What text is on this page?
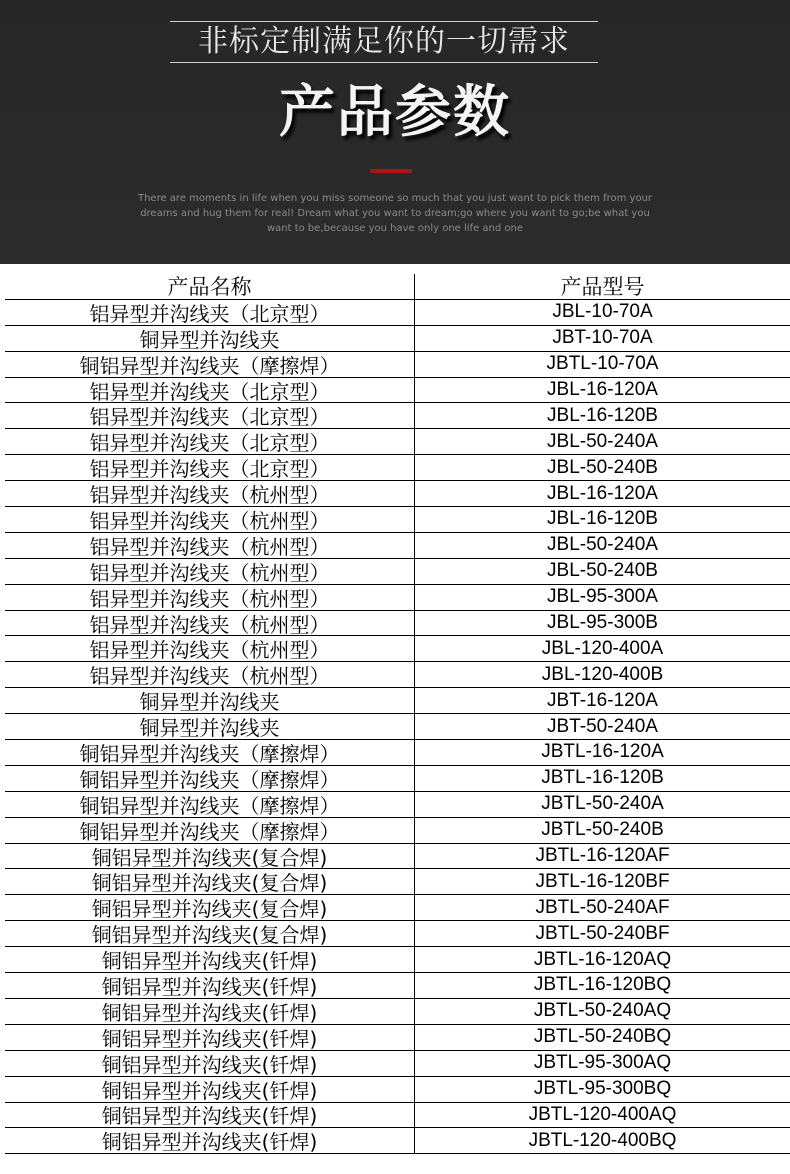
非标定制满足你的一切需求
产品参数
There are moments in life when you miss someone so much that you just want to pick them from your
dreams and hug them for real! Dream what you want to dream;go where you want to go;be what you
want to be,because you have only one life and one
产品名称	产品型号
铝异型并沟线夹（北京型）	JBL-10-70A
铜异型并沟线夹	JBT-10-70A
铜铝异型并沟线夹（摩擦焊）	JBTL-10-70A
铝异型并沟线夹（北京型）	JBL-16-120A
铝异型并沟线夹（北京型）	JBL-16-120B
铝异型并沟线夹（北京型）	JBL-50-240A
铝异型并沟线夹（北京型）	JBL-50-240B
铝异型并沟线夹（杭州型）	JBL-16-120A
铝异型并沟线夹（杭州型）	JBL-16-120B
铝异型并沟线夹（杭州型）	JBL-50-240A
铝异型并沟线夹（杭州型）	JBL-50-240B
铝异型并沟线夹（杭州型）	JBL-95-300A
铝异型并沟线夹（杭州型）	JBL-95-300B
铝异型并沟线夹（杭州型）	JBL-120-400A
铝异型并沟线夹（杭州型）	JBL-120-400B
铜异型并沟线夹	JBT-16-120A
铜异型并沟线夹	JBT-50-240A
铜铝异型并沟线夹（摩擦焊）	JBTL-16-120A
铜铝异型并沟线夹（摩擦焊）	JBTL-16-120B
铜铝异型并沟线夹（摩擦焊）	JBTL-50-240A
铜铝异型并沟线夹（摩擦焊）	JBTL-50-240B
铜铝异型并沟线夹(复合焊)	JBTL-16-120AF
铜铝异型并沟线夹(复合焊)	JBTL-16-120BF
铜铝异型并沟线夹(复合焊)	JBTL-50-240AF
铜铝异型并沟线夹(复合焊)	JBTL-50-240BF
铜铝异型并沟线夹(钎焊)	JBTL-16-120AQ
铜铝异型并沟线夹(钎焊)	JBTL-16-120BQ
铜铝异型并沟线夹(钎焊)	JBTL-50-240AQ
铜铝异型并沟线夹(钎焊)	JBTL-50-240BQ
铜铝异型并沟线夹(钎焊)	JBTL-95-300AQ
铜铝异型并沟线夹(钎焊)	JBTL-95-300BQ
铜铝异型并沟线夹(钎焊)	JBTL-120-400AQ
铜铝异型并沟线夹(钎焊)	JBTL-120-400BQ
